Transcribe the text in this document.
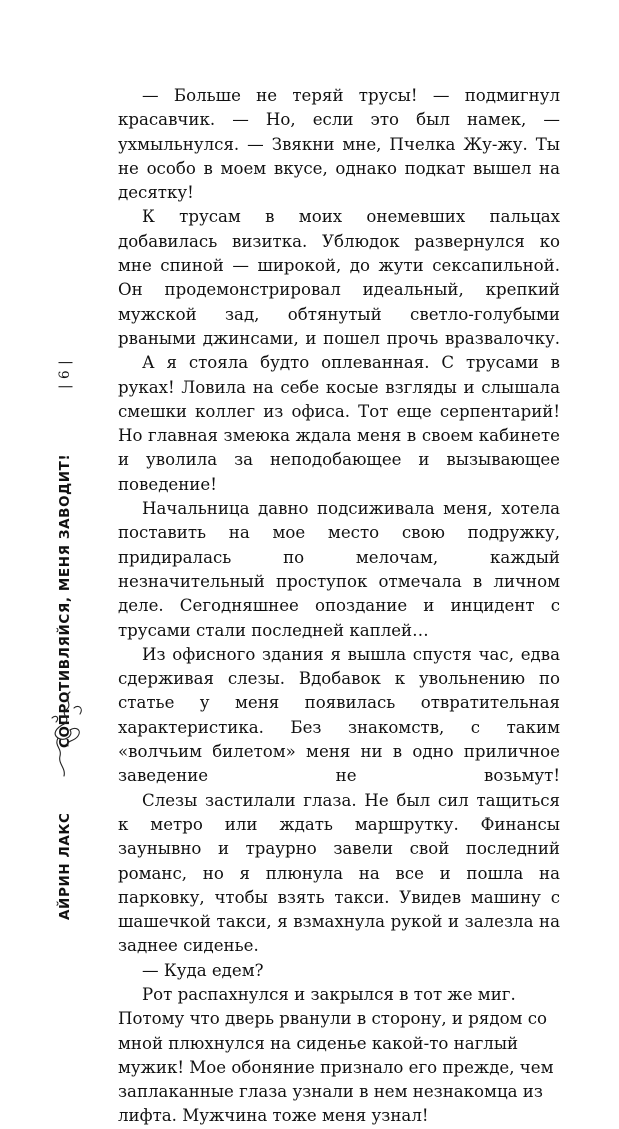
АЙРИН ЛАКС
СОПРОТИВЛЯЙСЯ, МЕНЯ ЗАВОДИТ!
| 6 |

— Больше не теряй трусы! — подмигнул красавчик. — Но, если это был намек, — ухмыльнулся. — Звякни мне, Пчелка Жу-жу. Ты не особо в моем вкусе, однако подкат вышел на десятку!

К трусам в моих онемевших пальцах добавилась визитка. Ублюдок развернулся ко мне спиной — широкой, до жути сексапильной. Он продемонстрировал идеальный, крепкий мужской зад, обтянутый светло-голубыми рваными джинсами, и пошел прочь вразвалочку.

А я стояла будто оплеванная. С трусами в руках! Ловила на себе косые взгляды и слышала смешки коллег из офиса. Тот еще серпентарий! Но главная змеюка ждала меня в своем кабинете и уволила за неподобающее и вызывающее поведение!

Начальница давно подсиживала меня, хотела поставить на мое место свою подружку, придиралась по мелочам, каждый незначительный проступок отмечала в личном деле. Сегодняшнее опоздание и инцидент с трусами стали последней каплей…

Из офисного здания я вышла спустя час, едва сдерживая слезы. Вдобавок к увольнению по статье у меня появилась отвратительная характеристика. Без знакомств, с таким «волчьим билетом» меня ни в одно приличное заведение не возьмут!

Слезы застилали глаза. Не был сил тащиться к метро или ждать маршрутку. Финансы заунывно и траурно завели свой последний романс, но я плюнула на все и пошла на парковку, чтобы взять такси. Увидев машину с шашечкой такси, я взмахнула рукой и залезла на заднее сиденье.

— Куда едем?

Рот распахнулся и закрылся в тот же миг. Потому что дверь рванули в сторону, и рядом со мной плюхнулся на сиденье какой-то наглый мужик! Мое обоняние признало его прежде, чем заплаканные глаза узнали в нем незнакомца из лифта. Мужчина тоже меня узнал!
